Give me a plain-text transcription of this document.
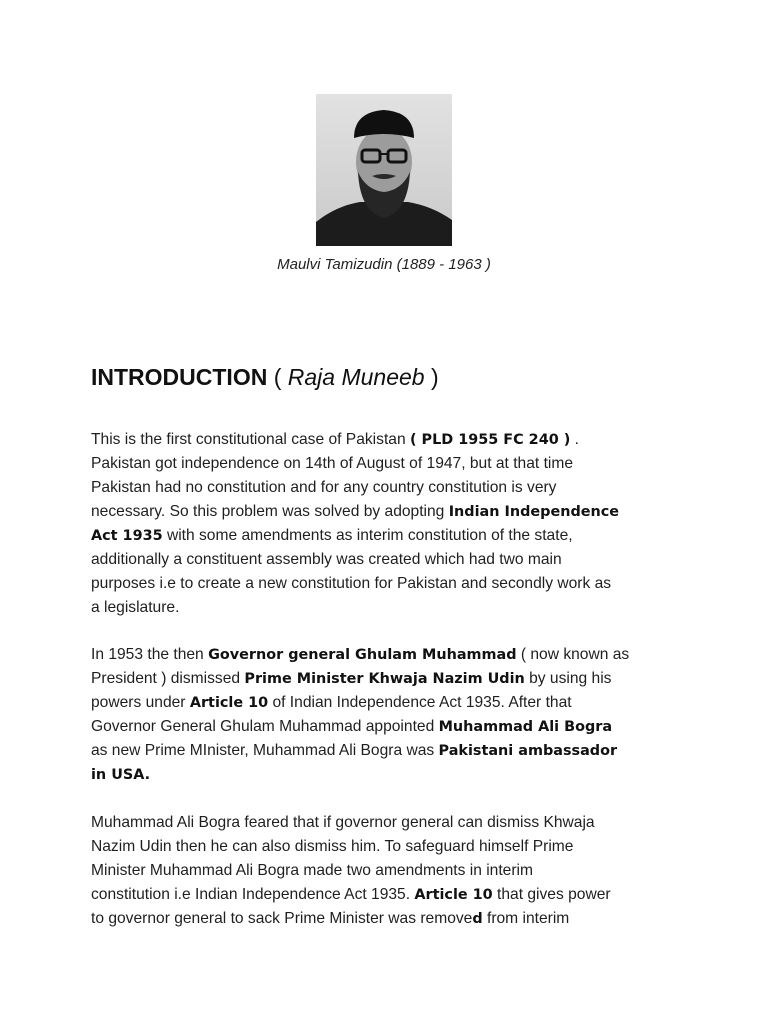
Maulvi Tamizudin (1889 - 1963 )
INTRODUCTION ( Raja Muneeb )

This is the first constitutional case of Pakistan ( PLD 1955 FC 240 ) .
Pakistan got independence on 14th of August of 1947, but at that time
Pakistan had no constitution and for any country constitution is very
necessary. So this problem was solved by adopting Indian Independence
Act 1935 with some amendments as interim constitution of the state,
additionally a constituent assembly was created which had two main
purposes i.e to create a new constitution for Pakistan and secondly work as
a legislature.

In 1953 the then Governor general Ghulam Muhammad ( now known as
President ) dismissed Prime Minister Khwaja Nazim Udin by using his
powers under Article 10 of Indian Independence Act 1935. After that
Governor General Ghulam Muhammad appointed Muhammad Ali Bogra
as new Prime MInister, Muhammad Ali Bogra was Pakistani ambassador
in USA.

Muhammad Ali Bogra feared that if governor general can dismiss Khwaja
Nazim Udin then he can also dismiss him. To safeguard himself Prime
Minister Muhammad Ali Bogra made two amendments in interim
constitution i.e Indian Independence Act 1935. Article 10 that gives power
to governor general to sack Prime Minister was removed from interim
